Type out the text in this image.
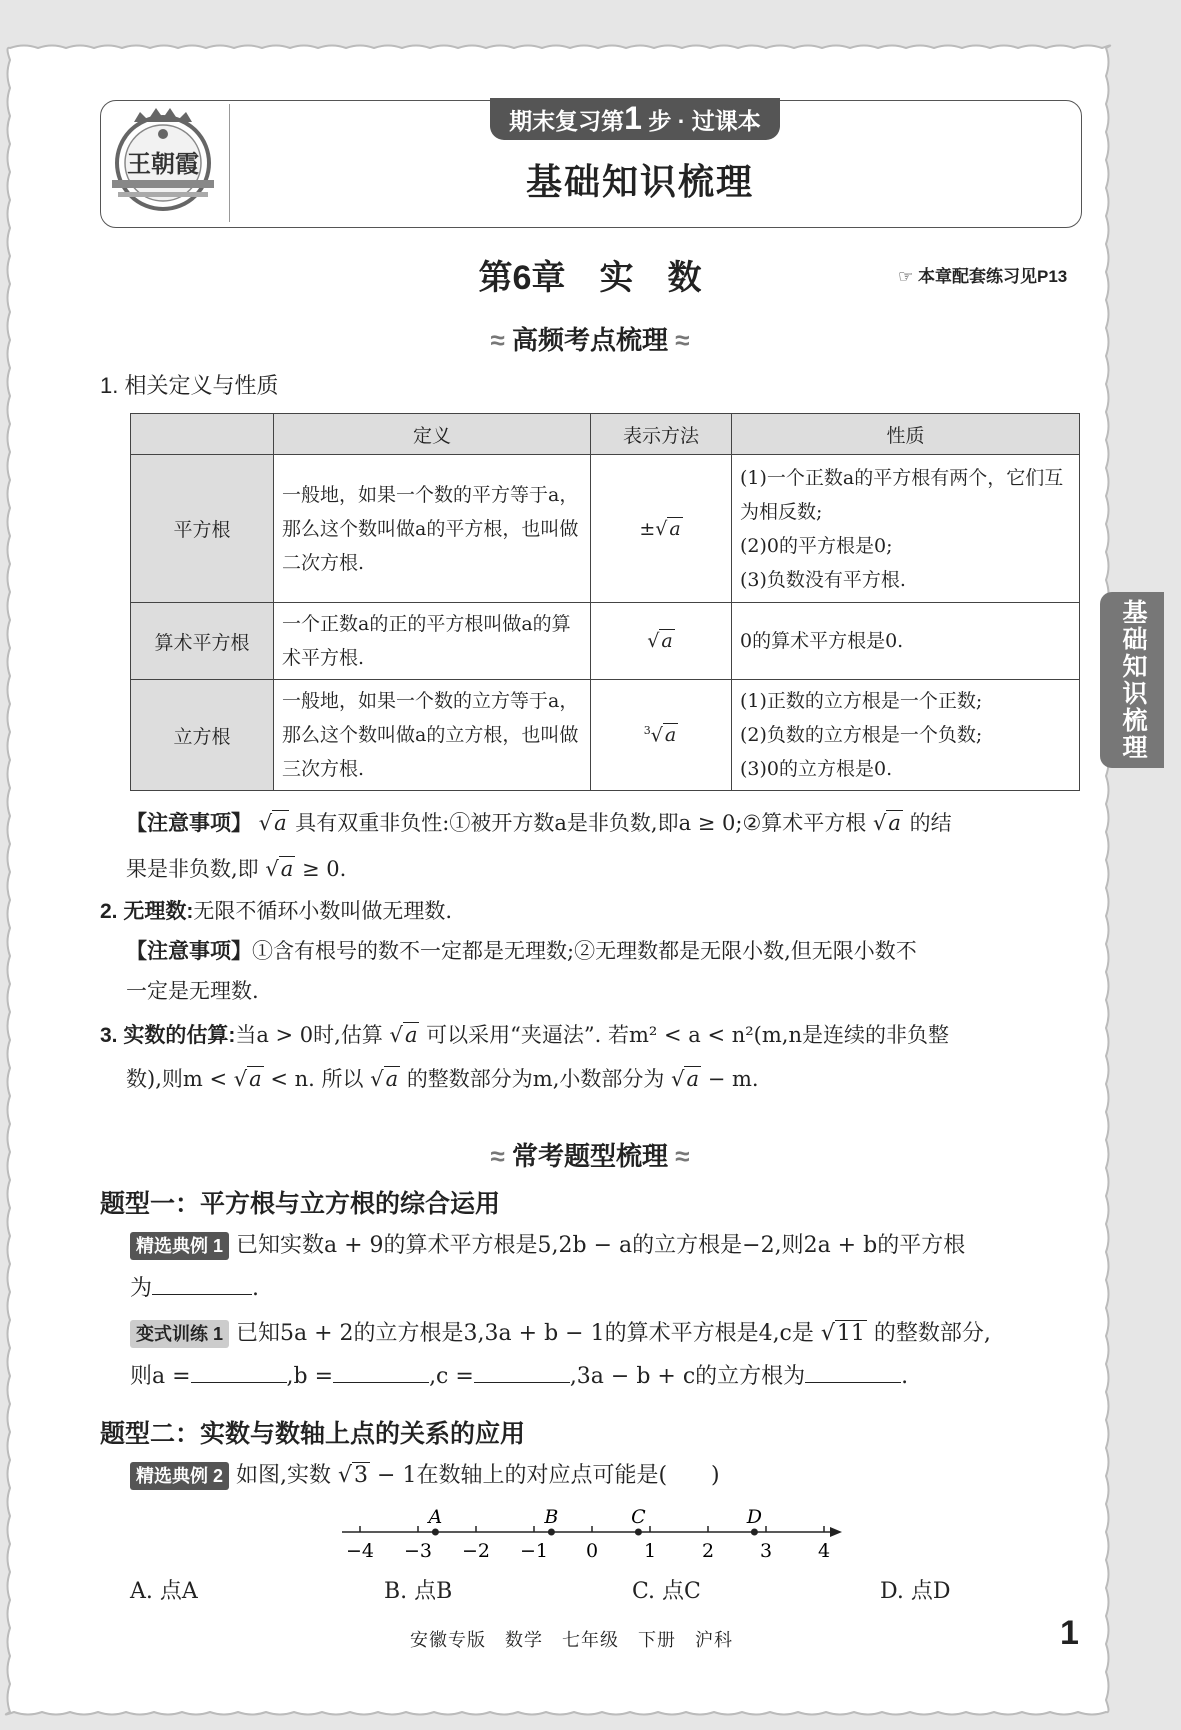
王朝霞
期末复习第1 步 · 过课本
基础知识梳理
第6章　实　数	☞ 本章配套练习见P13
≈ 高频考点梳理 ≈
1. 相关定义与性质
	定义	表示方法	性质
平方根	一般地，如果一个数的平方等于a，那么这个数叫做a的平方根，也叫做二次方根.	±√ a	(1)一个正数a的平方根有两个，它们互为相反数;
(2)0的平方根是0;
(3)负数没有平方根.

算术平方根	一个正数a的正的平方根叫做a的算术平方根.	√ a	0的算术平方根是0.

立方根	一般地，如果一个数的立方等于a，那么这个数叫做a的立方根，也叫做三次方根.	$^3$√ a	(1)正数的立方根是一个正数;
(2)负数的立方根是一个负数;
(3)0的立方根是0.
【注意事项】 √a 具有双重非负性:①被开方数a是非负数,即a ≥ 0;②算术平方根 √a 的结
果是非负数,即 √a ≥ 0.
2. 无理数:无限不循环小数叫做无理数.
【注意事项】①含有根号的数不一定都是无理数;②无理数都是无限小数,但无限小数不
一定是无理数.
3. 实数的估算:当a > 0时,估算 √a 可以采用“夹逼法”. 若m² < a < n²(m,n是连续的非负整
数),则m < √a < n. 所以 √a 的整数部分为m,小数部分为 √a − m.
≈ 常考题型梳理 ≈
题型一：平方根与立方根的综合运用
精选典例 1 已知实数a + 9的算术平方根是5,2b − a的立方根是−2,则2a + b的平方根
为	.
变式训练 1 已知5a + 2的立方根是3,3a + b − 1的算术平方根是4,c是 √11 的整数部分,
则a =	,b =	,c =	,3a − b + c的立方根为	.
题型二：实数与数轴上点的关系的应用
精选典例 2 如图,实数 √3 − 1在数轴上的对应点可能是(　　)
−4 −3 −2 −1 0 1 2 3 4
A	B	C	D
A. 点A	B. 点B	C. 点C	D. 点D
基础知识梳理
安徽专版　数学　七年级　下册　沪科	1
